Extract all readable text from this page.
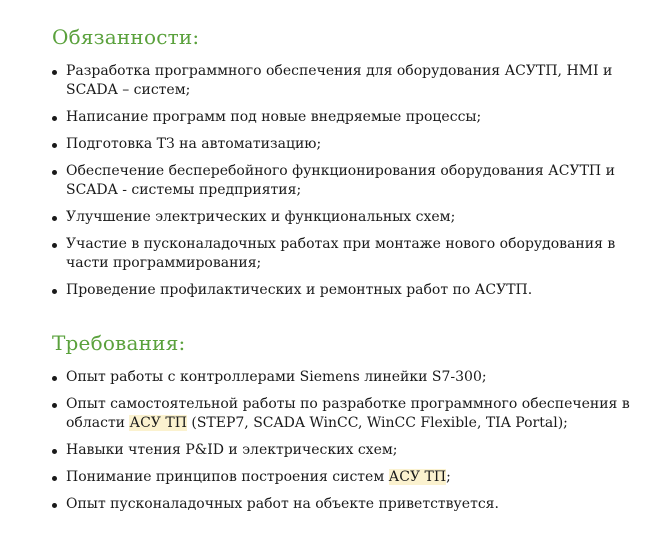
Обязанности:
Разработка программного обеспечения для оборудования АСУТП, HMI и SCADA – систем;
Написание программ под новые внедряемые процессы;
Подготовка ТЗ на автоматизацию;
Обеспечение бесперебойного функционирования оборудования АСУТП и SCADA - системы предприятия;
Улучшение электрических и функциональных схем;
Участие в пусконаладочных работах при монтаже нового оборудования в части программирования;
Проведение профилактических и ремонтных работ по АСУТП.
Требования:
Опыт работы с контроллерами Siemens линейки S7-300;
Опыт самостоятельной работы по разработке программного обеспечения в области АСУ ТП (STEP7, SCADA WinCC, WinCC Flexible, TIA Portal);
Навыки чтения P&ID и электрических схем;
Понимание принципов построения систем АСУ ТП;
Опыт пусконаладочных работ на объекте приветствуется.
